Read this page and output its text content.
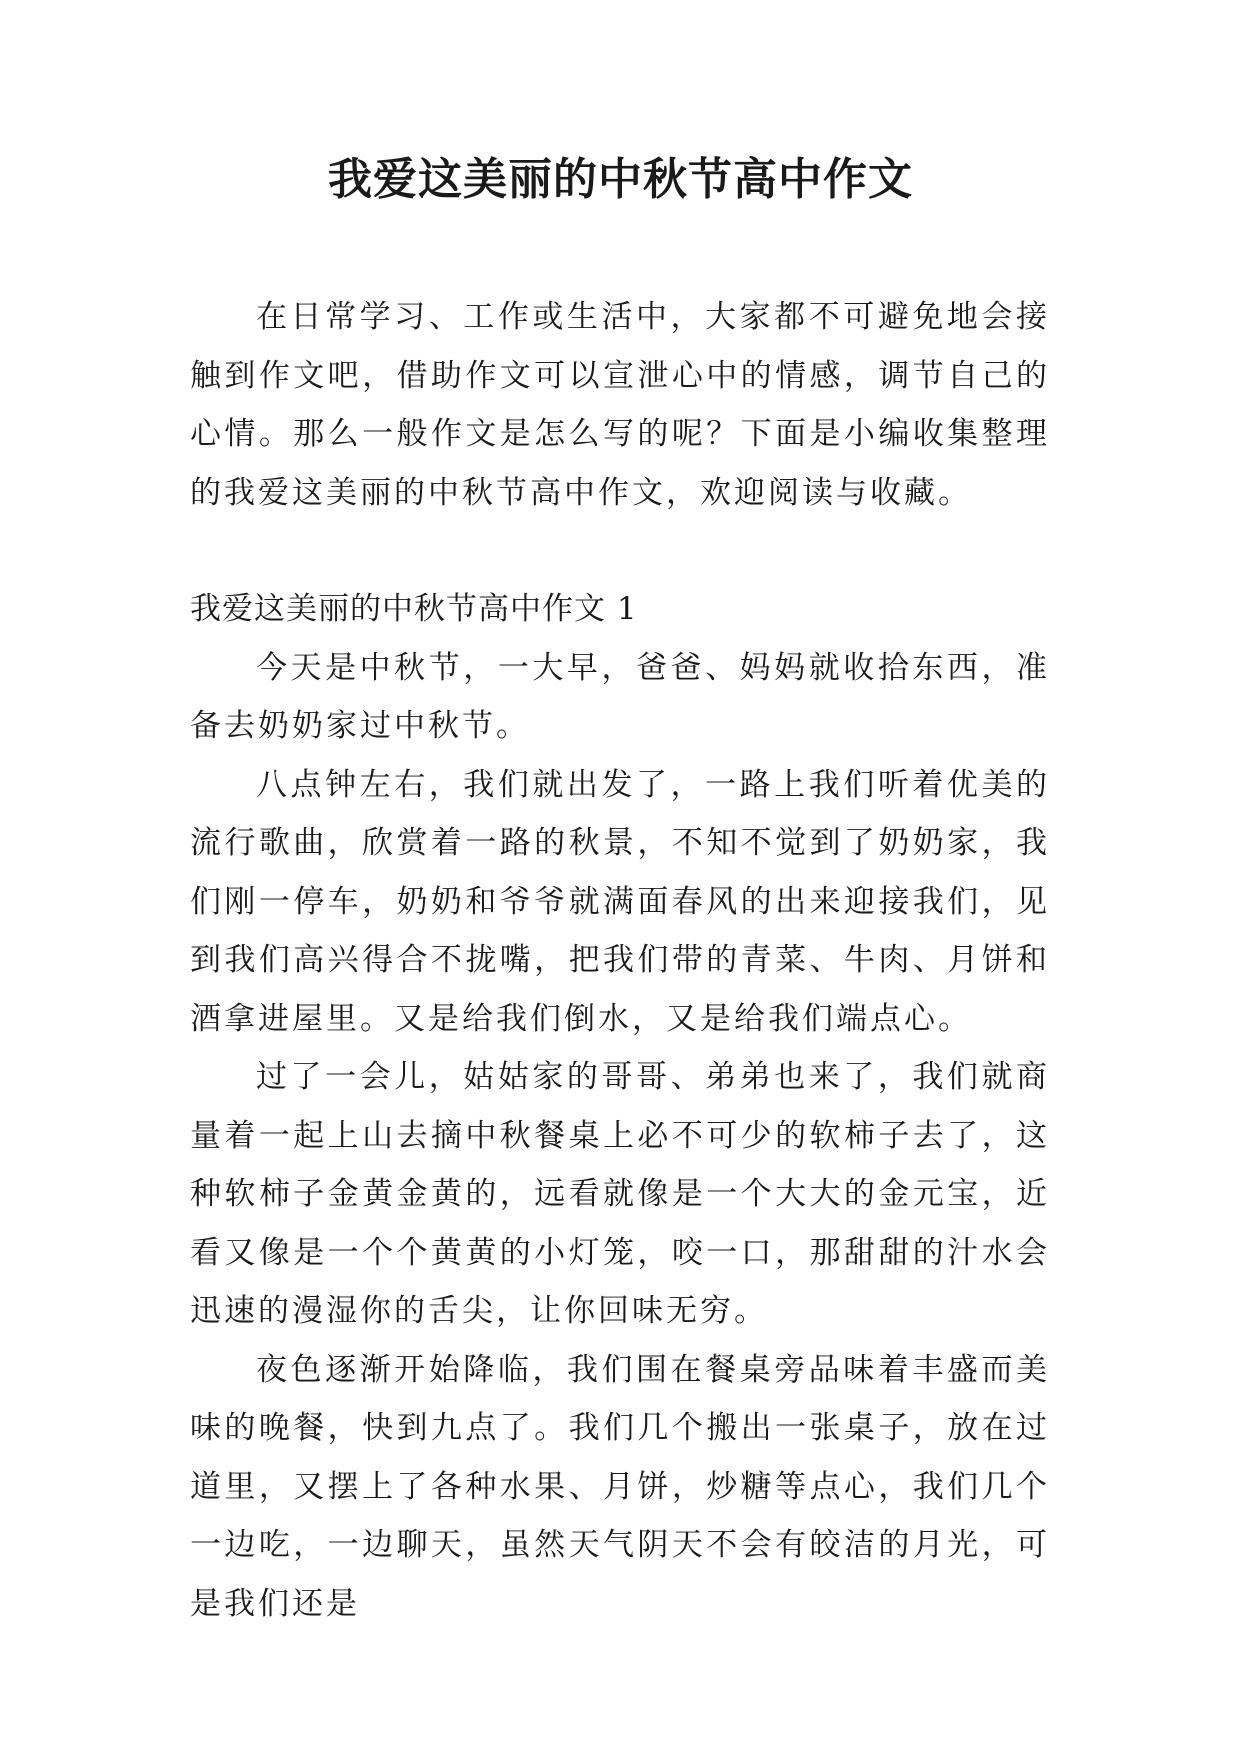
我爱这美丽的中秋节高中作文

在日常学习、工作或生活中，大家都不可避免地会接触到作文吧，借助作文可以宣泄心中的情感，调节自己的心情。那么一般作文是怎么写的呢？下面是小编收集整理的我爱这美丽的中秋节高中作文，欢迎阅读与收藏。

我爱这美丽的中秋节高中作文 1

今天是中秋节，一大早，爸爸、妈妈就收拾东西，准备去奶奶家过中秋节。

八点钟左右，我们就出发了，一路上我们听着优美的流行歌曲，欣赏着一路的秋景，不知不觉到了奶奶家，我们刚一停车，奶奶和爷爷就满面春风的出来迎接我们，见到我们高兴得合不拢嘴，把我们带的青菜、牛肉、月饼和酒拿进屋里。又是给我们倒水，又是给我们端点心。

过了一会儿，姑姑家的哥哥、弟弟也来了，我们就商量着一起上山去摘中秋餐桌上必不可少的软柿子去了，这种软柿子金黄金黄的，远看就像是一个大大的金元宝，近看又像是一个个黄黄的小灯笼，咬一口，那甜甜的汁水会迅速的漫湿你的舌尖，让你回味无穷。

夜色逐渐开始降临，我们围在餐桌旁品味着丰盛而美味的晚餐，快到九点了。我们几个搬出一张桌子，放在过道里，又摆上了各种水果、月饼，炒糖等点心，我们几个一边吃，一边聊天，虽然天气阴天不会有皎洁的月光，可是我们还是
